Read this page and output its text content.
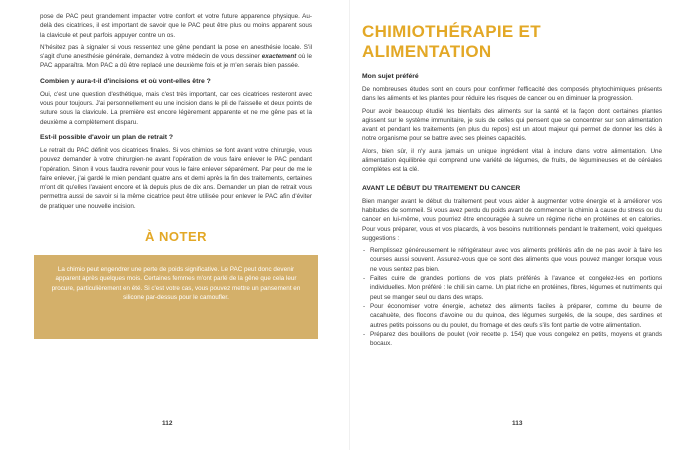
pose de PAC peut grandement impacter votre confort et votre future apparence physique. Au-delà des cicatrices, il est important de savoir que le PAC peut être plus ou moins apparent sous la clavicule et peut parfois appuyer contre un os.

N'hésitez pas à signaler si vous ressentez une gêne pendant la pose en anesthésie locale. S'il s'agit d'une anesthésie générale, demandez à votre médecin de vous dessiner exactement où le PAC apparaîtra. Mon PAC a dû être replacé une deuxième fois et je m'en serais bien passée.

Combien y aura-t-il d'incisions et où vont-elles être ?

Oui, c'est une question d'esthétique, mais c'est très important, car ces cicatrices resteront avec vous pour toujours. J'ai personnellement eu une incision dans le pli de l'aisselle et deux points de suture sous la clavicule. La première est encore légèrement apparente et ne me gêne pas et la deuxième a complètement disparu.

Est-il possible d'avoir un plan de retrait ?

Le retrait du PAC définit vos cicatrices finales. Si vos chimios se font avant votre chirurgie, vous pouvez demander à votre chirurgien·ne avant l'opération de vous faire enlever le PAC pendant l'opération. Sinon il vous faudra revenir pour vous le faire enlever séparément. Par peur de me le faire enlever, j'ai gardé le mien pendant quatre ans et demi après la fin des traitements, certaines m'ont dit qu'elles l'avaient encore et là depuis plus de dix ans. Demander un plan de retrait vous permettra aussi de savoir si la même cicatrice peut être utilisée pour enlever le PAC afin d'éviter de pratiquer une nouvelle incision.

À NOTER
La chimio peut engendrer une perte de poids significative. Le PAC peut donc devenir apparent après quelques mois. Certaines femmes m'ont parlé de la gêne que cela leur procure, particulièrement en été. Si c'est votre cas, vous pouvez mettre un pansement en silicone par-dessus pour le camoufler.
112
CHIMIOTHÉRAPIE ET ALIMENTATION
Mon sujet préféré

De nombreuses études sont en cours pour confirmer l'efficacité des composés phytochimiques présents dans les aliments et les plantes pour réduire les risques de cancer ou en diminuer la progression.

Pour avoir beaucoup étudié les bienfaits des aliments sur la santé et la façon dont certaines plantes agissent sur le système immunitaire, je suis de celles qui pensent que se concentrer sur son alimentation avant et pendant les traitements (en plus du repos) est un atout majeur qui permet de donner les clés à notre organisme pour se battre avec ses pleines capacités.

Alors, bien sûr, il n'y aura jamais un unique ingrédient vital à inclure dans votre alimentation. Une alimentation équilibrée qui comprend une variété de légumes, de fruits, de légumineuses et de céréales complètes est la clé.

AVANT LE DÉBUT DU TRAITEMENT DU CANCER

Bien manger avant le début du traitement peut vous aider à augmenter votre énergie et à améliorer vos habitudes de sommeil. Si vous avez perdu du poids avant de commencer la chimio à cause du stress ou du cancer en lui-même, vous pourriez être encouragée à suivre un régime riche en protéines et en calories. Pour vous préparer, vous et vos placards, à vos besoins nutritionnels pendant le traitement, voici quelques suggestions :

- Remplissez généreusement le réfrigérateur avec vos aliments préférés afin de ne pas avoir à faire les courses aussi souvent. Assurez-vous que ce sont des aliments que vous pouvez manger lorsque vous ne vous sentez pas bien.
- Faites cuire de grandes portions de vos plats préférés à l'avance et congelez-les en portions individuelles. Mon préféré : le chili sin carne. Un plat riche en protéines, fibres, légumes et nutriments qui peut se manger seul ou dans des wraps.
- Pour économiser votre énergie, achetez des aliments faciles à préparer, comme du beurre de cacahuète, des flocons d'avoine ou du quinoa, des légumes surgelés, de la soupe, des sardines et autres petits poissons ou du poulet, du fromage et des œufs s'ils font partie de votre alimentation.
- Préparez des bouillons de poulet (voir recette p. 154) que vous congelez en petits, moyens et grands bocaux.
113
